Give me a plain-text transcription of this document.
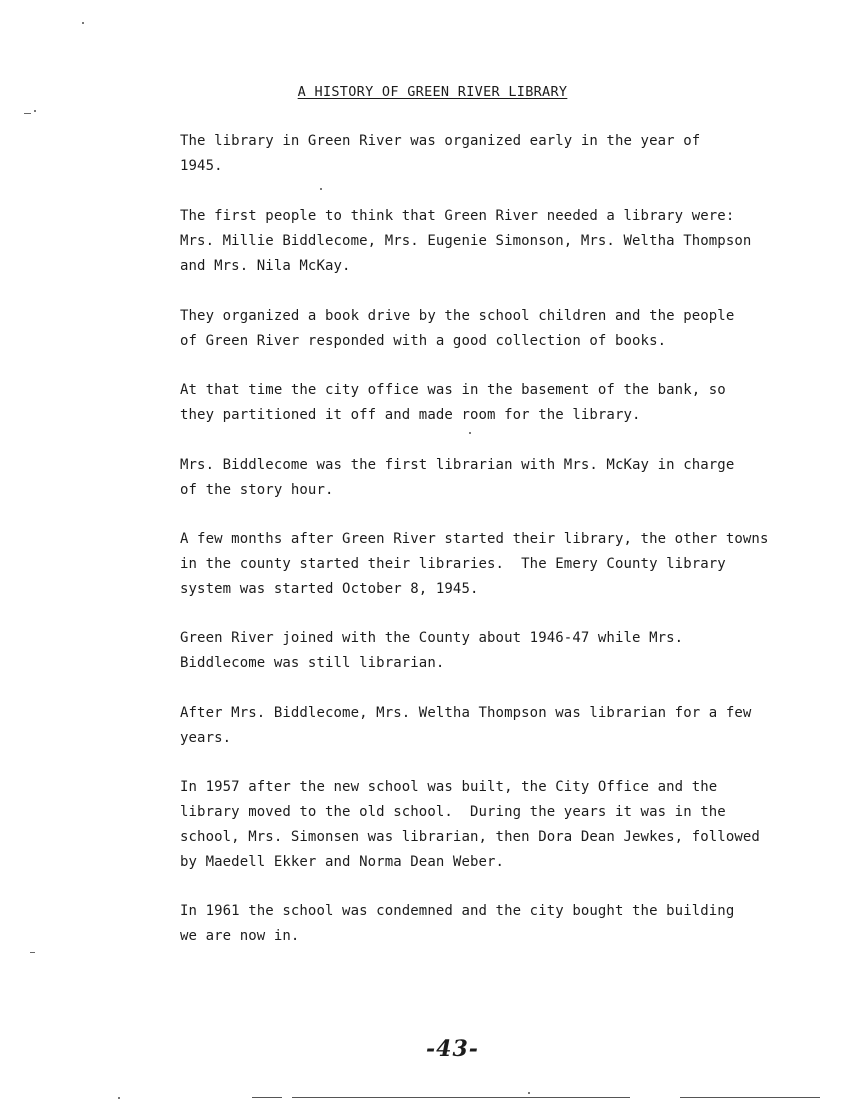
A HISTORY OF GREEN RIVER LIBRARY

The library in Green River was organized early in the year of
1945.

The first people to think that Green River needed a library were:
Mrs. Millie Biddlecome, Mrs. Eugenie Simonson, Mrs. Weltha Thompson
and Mrs. Nila McKay.

They organized a book drive by the school children and the people
of Green River responded with a good collection of books.

At that time the city office was in the basement of the bank, so
they partitioned it off and made room for the library.

Mrs. Biddlecome was the first librarian with Mrs. McKay in charge
of the story hour.

A few months after Green River started their library, the other towns
in the county started their libraries.  The Emery County library
system was started October 8, 1945.

Green River joined with the County about 1946-47 while Mrs.
Biddlecome was still librarian.

After Mrs. Biddlecome, Mrs. Weltha Thompson was librarian for a few
years.

In 1957 after the new school was built, the City Office and the
library moved to the old school.  During the years it was in the
school, Mrs. Simonsen was librarian, then Dora Dean Jewkes, followed
by Maedell Ekker and Norma Dean Weber.

In 1961 the school was condemned and the city bought the building
we are now in.

-43-
